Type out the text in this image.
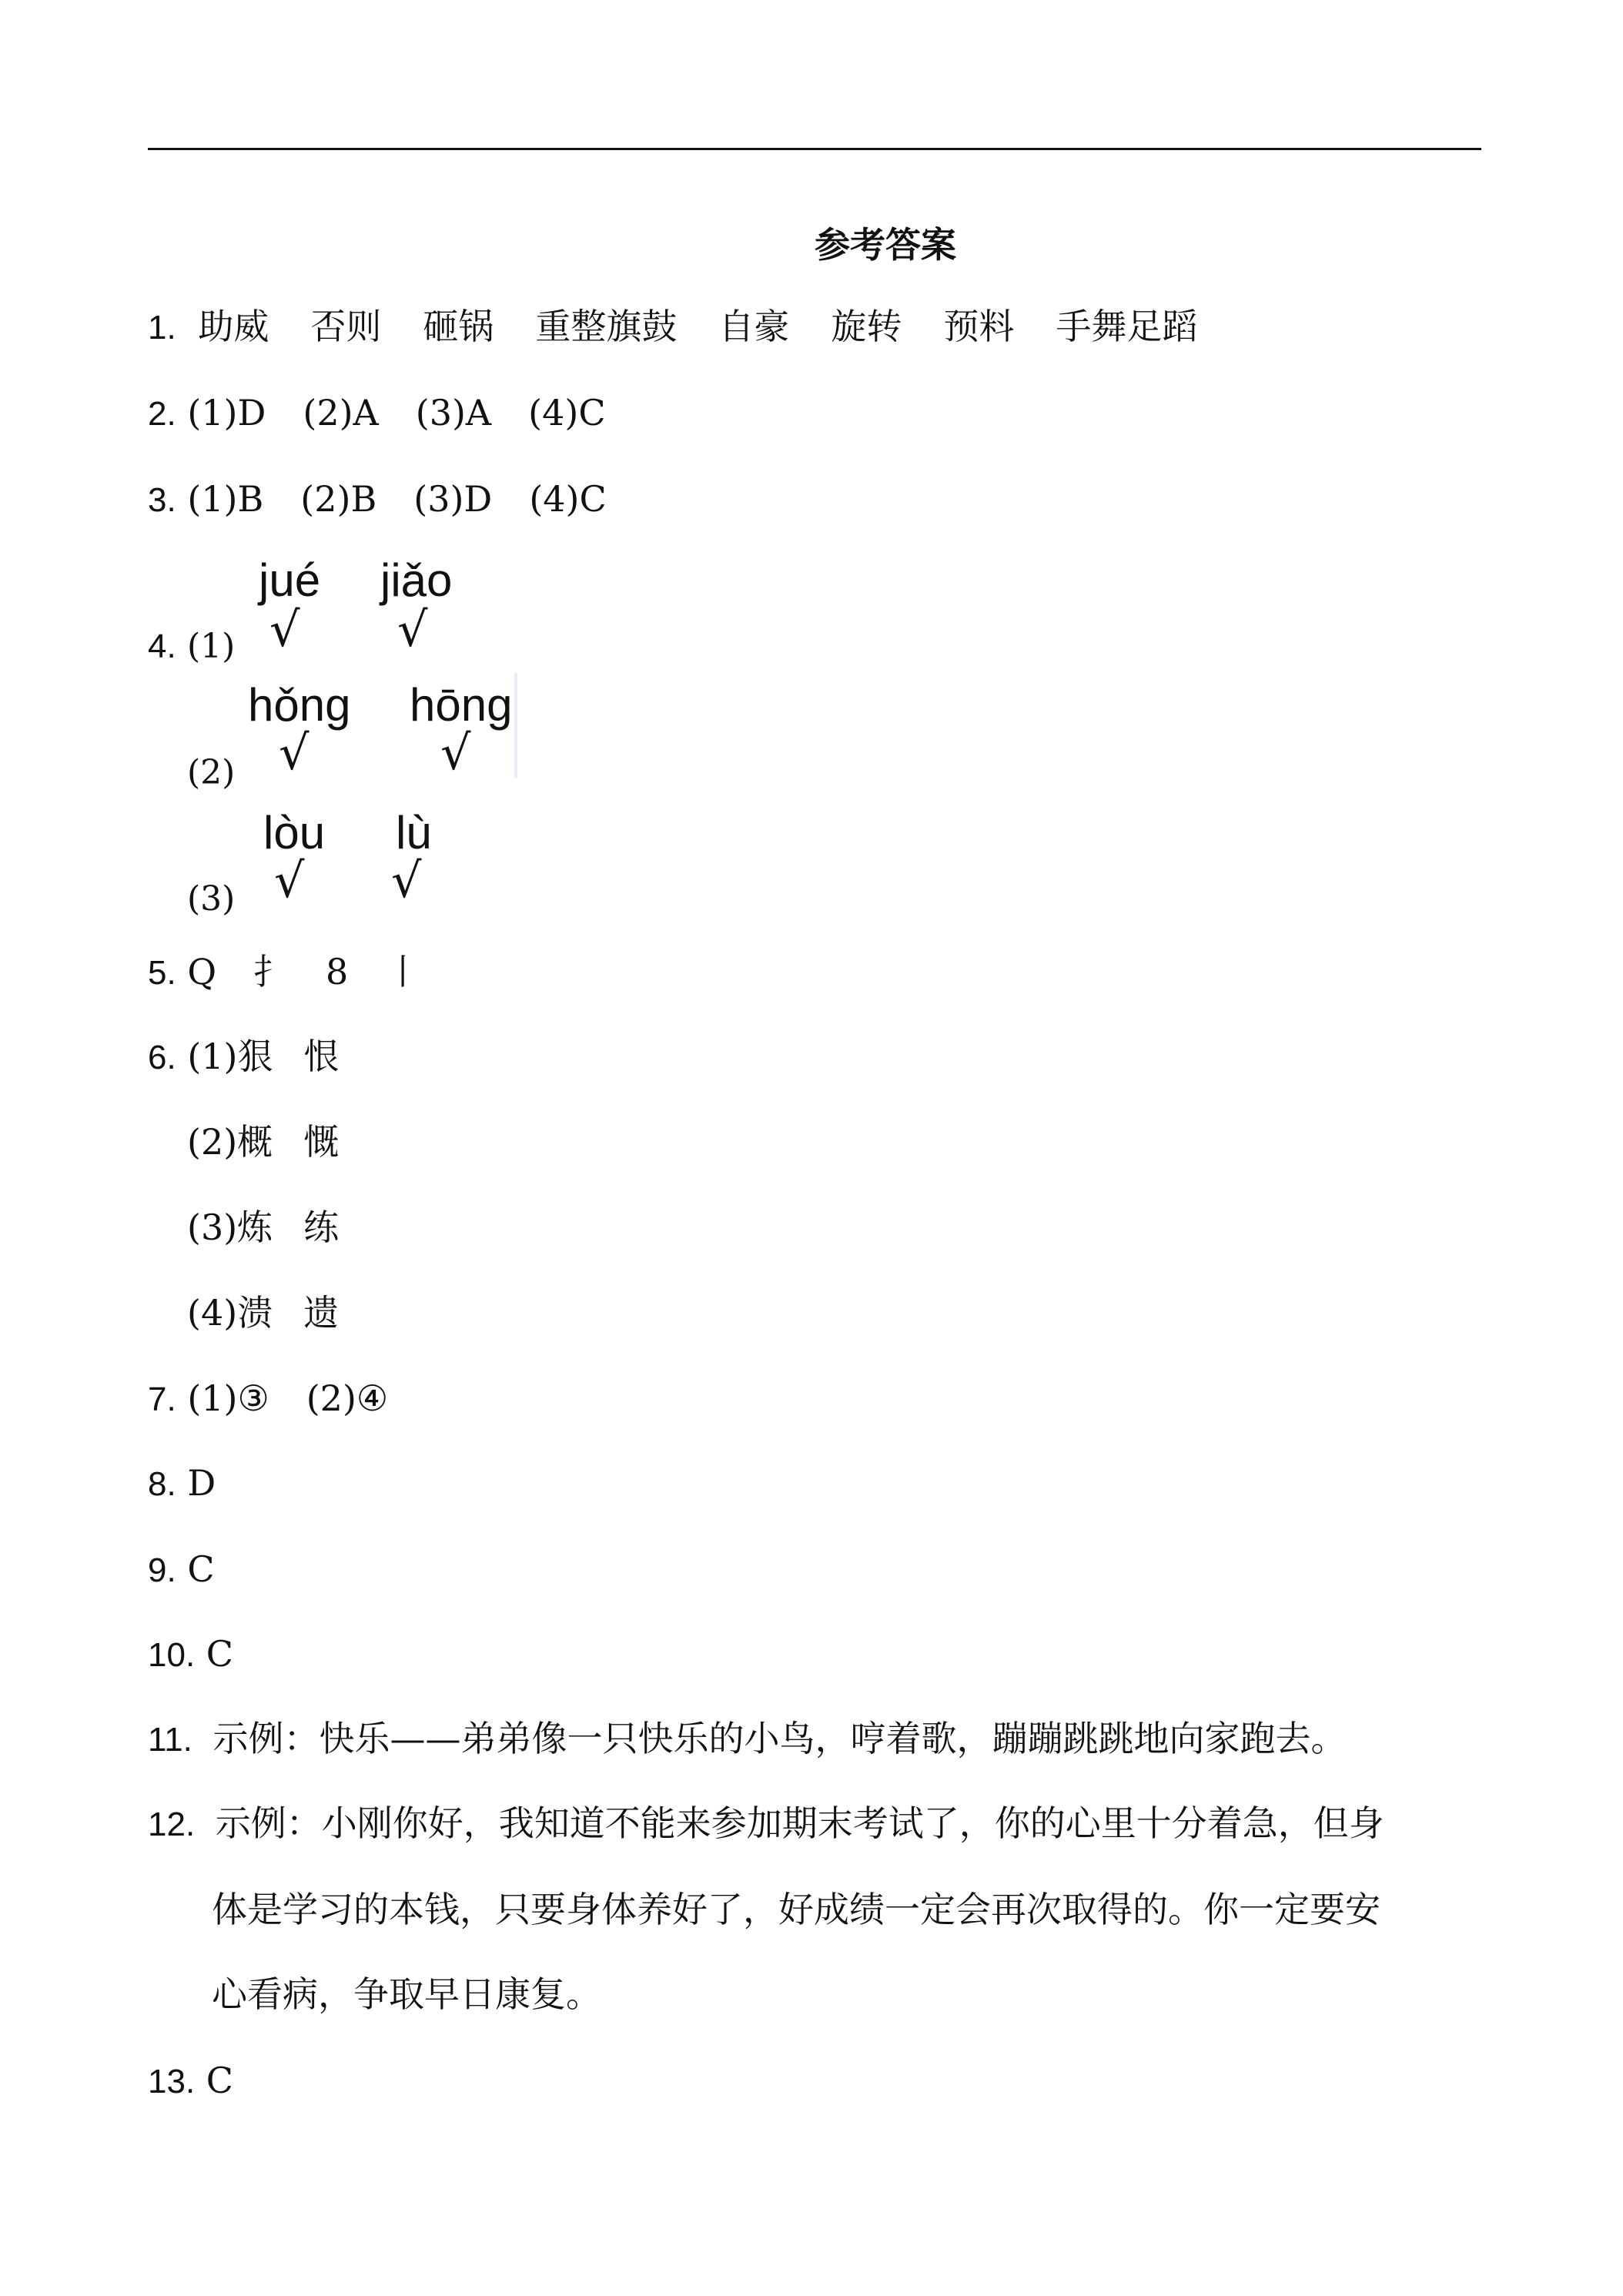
参考答案
1. 助威 否则 砸锅 重整旗鼓 自豪 旋转 预料 手舞足蹈
2. (1)D (2)A (3)A (4)C
3. (1)B (2)B (3)D (4)C
4. (1)
jué jiǎo
√ √
(2)
hǒng hōng
√	√
(3)
lòu lù
√ √
5. Q 扌 8 丨
6. (1)狠 恨
(2)概 慨
(3)炼 练
(4)溃 遗
7. (1)③ (2)④
8. D
9. C
10. C
11. 示例：快乐——弟弟像一只快乐的小鸟，哼着歌，蹦蹦跳跳地向家跑去。
12. 示例：小刚你好，我知道不能来参加期末考试了，你的心里十分着急，但身
体是学习的本钱，只要身体养好了，好成绩一定会再次取得的。你一定要安
心看病，争取早日康复。
13. C
